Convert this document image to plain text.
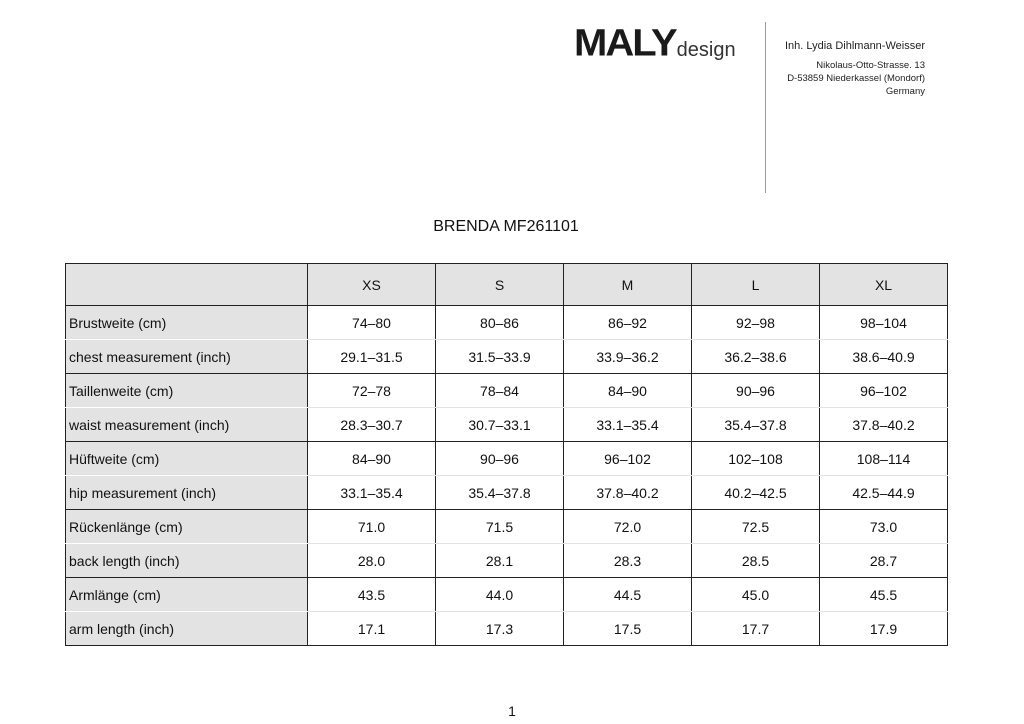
MALY design	Inh. Lydia Dihlmann-Weisser
Nikolaus-Otto-Strasse. 13
D-53859 Niederkassel (Mondorf)
Germany
BRENDA MF261101
	XS	S	M	L	XL
Brustweite (cm)	74–80	80–86	86–92	92–98	98–104
chest measurement (inch)	29.1–31.5	31.5–33.9	33.9–36.2	36.2–38.6	38.6–40.9
Taillenweite (cm)	72–78	78–84	84–90	90–96	96–102
waist measurement (inch)	28.3–30.7	30.7–33.1	33.1–35.4	35.4–37.8	37.8–40.2
Hüftweite (cm)	84–90	90–96	96–102	102–108	108–114
hip measurement (inch)	33.1–35.4	35.4–37.8	37.8–40.2	40.2–42.5	42.5–44.9
Rückenlänge (cm)	71.0	71.5	72.0	72.5	73.0
back length (inch)	28.0	28.1	28.3	28.5	28.7
Armlänge (cm)	43.5	44.0	44.5	45.0	45.5
arm length (inch)	17.1	17.3	17.5	17.7	17.9
1
